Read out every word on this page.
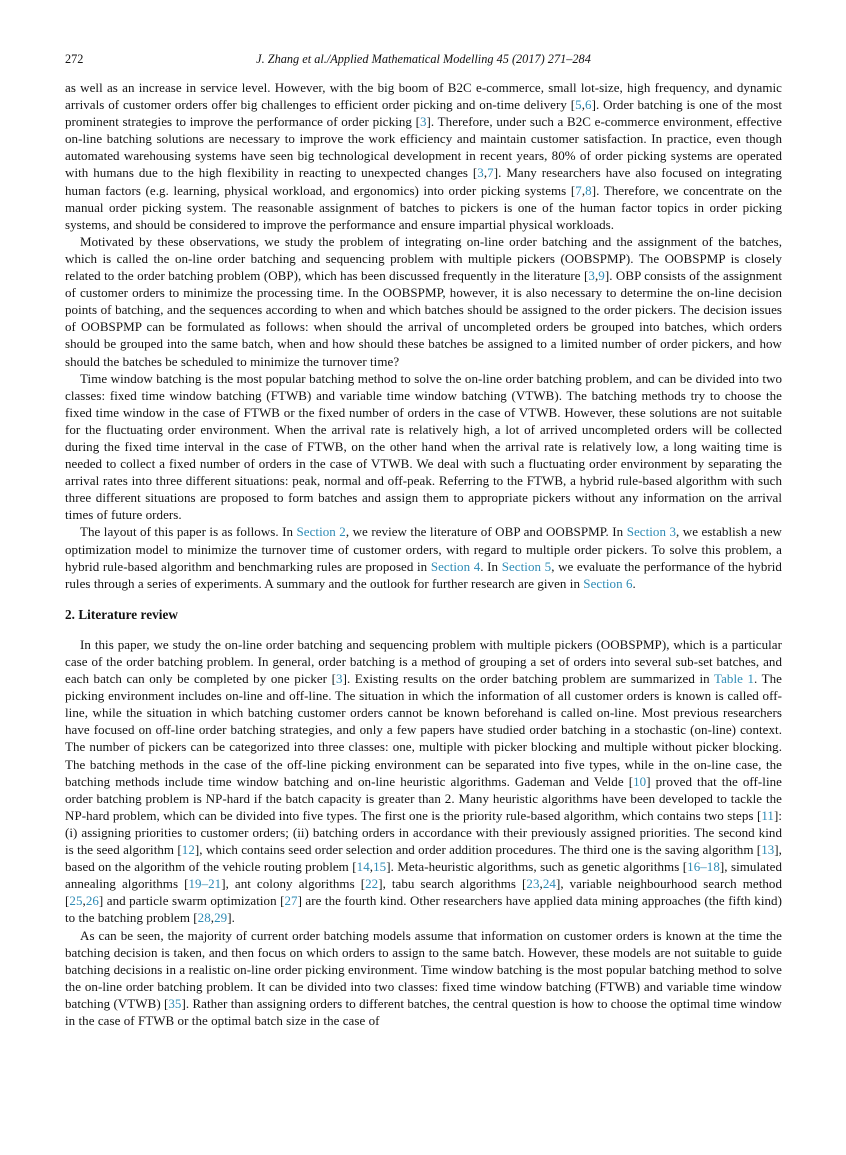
J. Zhang et al./Applied Mathematical Modelling 45 (2017) 271–284
272

as well as an increase in service level. However, with the big boom of B2C e-commerce, small lot-size, high frequency, and dynamic arrivals of customer orders offer big challenges to efficient order picking and on-time delivery [5,6]. Order batching is one of the most prominent strategies to improve the performance of order picking [3]. Therefore, under such a B2C e-commerce environment, effective on-line batching solutions are necessary to improve the work efficiency and maintain customer satisfaction. In practice, even though automated warehousing systems have seen big technological development in recent years, 80% of order picking systems are operated with humans due to the high flexibility in reacting to unexpected changes [3,7]. Many researchers have also focused on integrating human factors (e.g. learning, physical workload, and ergonomics) into order picking systems [7,8]. Therefore, we concentrate on the manual order picking system. The reasonable assignment of batches to pickers is one of the human factor topics in order picking systems, and should be considered to improve the performance and ensure impartial physical workloads.

Motivated by these observations, we study the problem of integrating on-line order batching and the assignment of the batches, which is called the on-line order batching and sequencing problem with multiple pickers (OOBSPMP). The OOBSPMP is closely related to the order batching problem (OBP), which has been discussed frequently in the literature [3,9]. OBP consists of the assignment of customer orders to minimize the processing time. In the OOBSPMP, however, it is also necessary to determine the on-line decision points of batching, and the sequences according to when and which batches should be assigned to the order pickers. The decision issues of OOBSPMP can be formulated as follows: when should the arrival of uncompleted orders be grouped into batches, which orders should be grouped into the same batch, when and how should these batches be assigned to a limited number of order pickers, and how should the batches be scheduled to minimize the turnover time?

Time window batching is the most popular batching method to solve the on-line order batching problem, and can be divided into two classes: fixed time window batching (FTWB) and variable time window batching (VTWB). The batching methods try to choose the fixed time window in the case of FTWB or the fixed number of orders in the case of VTWB. However, these solutions are not suitable for the fluctuating order environment. When the arrival rate is relatively high, a lot of arrived uncompleted orders will be collected during the fixed time interval in the case of FTWB, on the other hand when the arrival rate is relatively low, a long waiting time is needed to collect a fixed number of orders in the case of VTWB. We deal with such a fluctuating order environment by separating the arrival rates into three different situations: peak, normal and off-peak. Referring to the FTWB, a hybrid rule-based algorithm with such three different situations are proposed to form batches and assign them to appropriate pickers without any information on the arrival times of future orders.

The layout of this paper is as follows. In Section 2, we review the literature of OBP and OOBSPMP. In Section 3, we establish a new optimization model to minimize the turnover time of customer orders, with regard to multiple order pickers. To solve this problem, a hybrid rule-based algorithm and benchmarking rules are proposed in Section 4. In Section 5, we evaluate the performance of the hybrid rules through a series of experiments. A summary and the outlook for further research are given in Section 6.

2. Literature review

In this paper, we study the on-line order batching and sequencing problem with multiple pickers (OOBSPMP), which is a particular case of the order batching problem. In general, order batching is a method of grouping a set of orders into several sub-set batches, and each batch can only be completed by one picker [3]. Existing results on the order batching problem are summarized in Table 1. The picking environment includes on-line and off-line. The situation in which the information of all customer orders is known is called off-line, while the situation in which batching customer orders cannot be known beforehand is called on-line. Most previous researchers have focused on off-line order batching strategies, and only a few papers have studied order batching in a stochastic (on-line) context. The number of pickers can be categorized into three classes: one, multiple with picker blocking and multiple without picker blocking. The batching methods in the case of the off-line picking environment can be separated into five types, while in the on-line case, the batching methods include time window batching and on-line heuristic algorithms. Gademan and Velde [10] proved that the off-line order batching problem is NP-hard if the batch capacity is greater than 2. Many heuristic algorithms have been developed to tackle the NP-hard problem, which can be divided into five types. The first one is the priority rule-based algorithm, which contains two steps [11]: (i) assigning priorities to customer orders; (ii) batching orders in accordance with their previously assigned priorities. The second kind is the seed algorithm [12], which contains seed order selection and order addition procedures. The third one is the saving algorithm [13], based on the algorithm of the vehicle routing problem [14,15]. Meta-heuristic algorithms, such as genetic algorithms [16–18], simulated annealing algorithms [19–21], ant colony algorithms [22], tabu search algorithms [23,24], variable neighbourhood search method [25,26] and particle swarm optimization [27] are the fourth kind. Other researchers have applied data mining approaches (the fifth kind) to the batching problem [28,29].

As can be seen, the majority of current order batching models assume that information on customer orders is known at the time the batching decision is taken, and then focus on which orders to assign to the same batch. However, these models are not suitable to guide batching decisions in a realistic on-line order picking environment. Time window batching is the most popular batching method to solve the on-line order batching problem. It can be divided into two classes: fixed time window batching (FTWB) and variable time window batching (VTWB) [35]. Rather than assigning orders to different batches, the central question is how to choose the optimal time window in the case of FTWB or the optimal batch size in the case of
